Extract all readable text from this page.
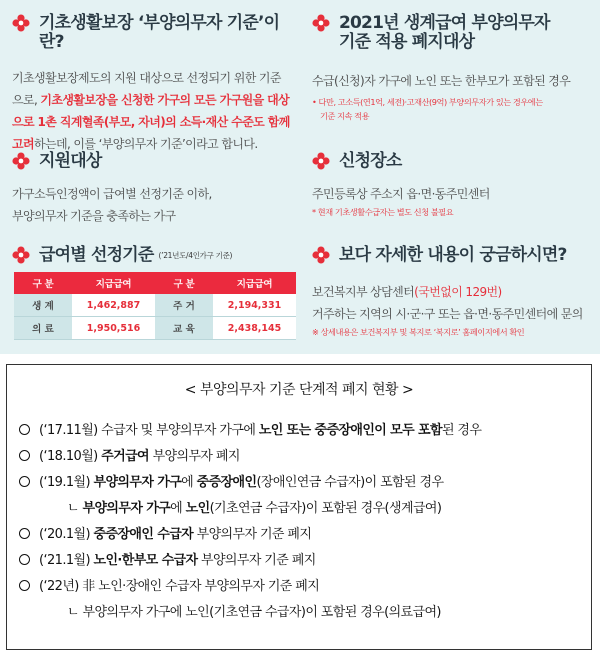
기초생활보장 ‘부양의무자 기준’이란?
기초생활보장제도의 지원 대상으로 선정되기 위한 기준
으로, 기초생활보장을 신청한 가구의 모든 가구원을 대상
으로 1촌 직계혈족(부모, 자녀)의 소득·재산 수준도 함께
고려하는데, 이를 ‘부양의무자 기준’이라고 합니다.
2021년 생계급여 부양의무자
기준 적용 폐지대상
수급(신청)자 가구에 노인 또는 한부모가 포함된 경우
• 다만, 고소득(연1억, 세전)·고재산(9억) 부양의무자가 있는 경우에는
기준 지속 적용
지원대상
가구소득인정액이 급여별 선정기준 이하,
부양의무자 기준을 충족하는 가구
신청장소
주민등록상 주소지 읍·면·동주민센터
* 현재 기초생활수급자는 별도 신청 불필요
급여별 선정기준 (’21년도/4인가구 기준)
구 분	지급급여	구 분	지급급여
생 계	1,462,887	주 거	2,194,331
의 료	1,950,516	교 육	2,438,145
보다 자세한 내용이 궁금하시면?
보건복지부 상담센터(국번없이 129번)
거주하는 지역의 시·군·구 또는 읍·면·동주민센터에 문의
※ 상세내용은 보건복지부 및 복지로 ‘복지로’ 홈페이지에서 확인
< 부양의무자 기준 단계적 폐지 현황 >
(‘17.11월) 수급자 및 부양의무자 가구에 노인 또는 중증장애인이 모두 포함된 경우
(‘18.10월) 주거급여 부양의무자 폐지
(‘19.1월) 부양의무자 가구에 중증장애인(장애인연금 수급자)이 포함된 경우
ㄴ 부양의무자 가구에 노인(기초연금 수급자)이 포함된 경우(생계급여)
(‘20.1월) 중증장애인 수급자 부양의무자 기준 폐지
(‘21.1월) 노인·한부모 수급자 부양의무자 기준 폐지
(‘22년) 非 노인·장애인 수급자 부양의무자 기준 폐지
ㄴ 부양의무자 가구에 노인(기초연금 수급자)이 포함된 경우(의료급여)
